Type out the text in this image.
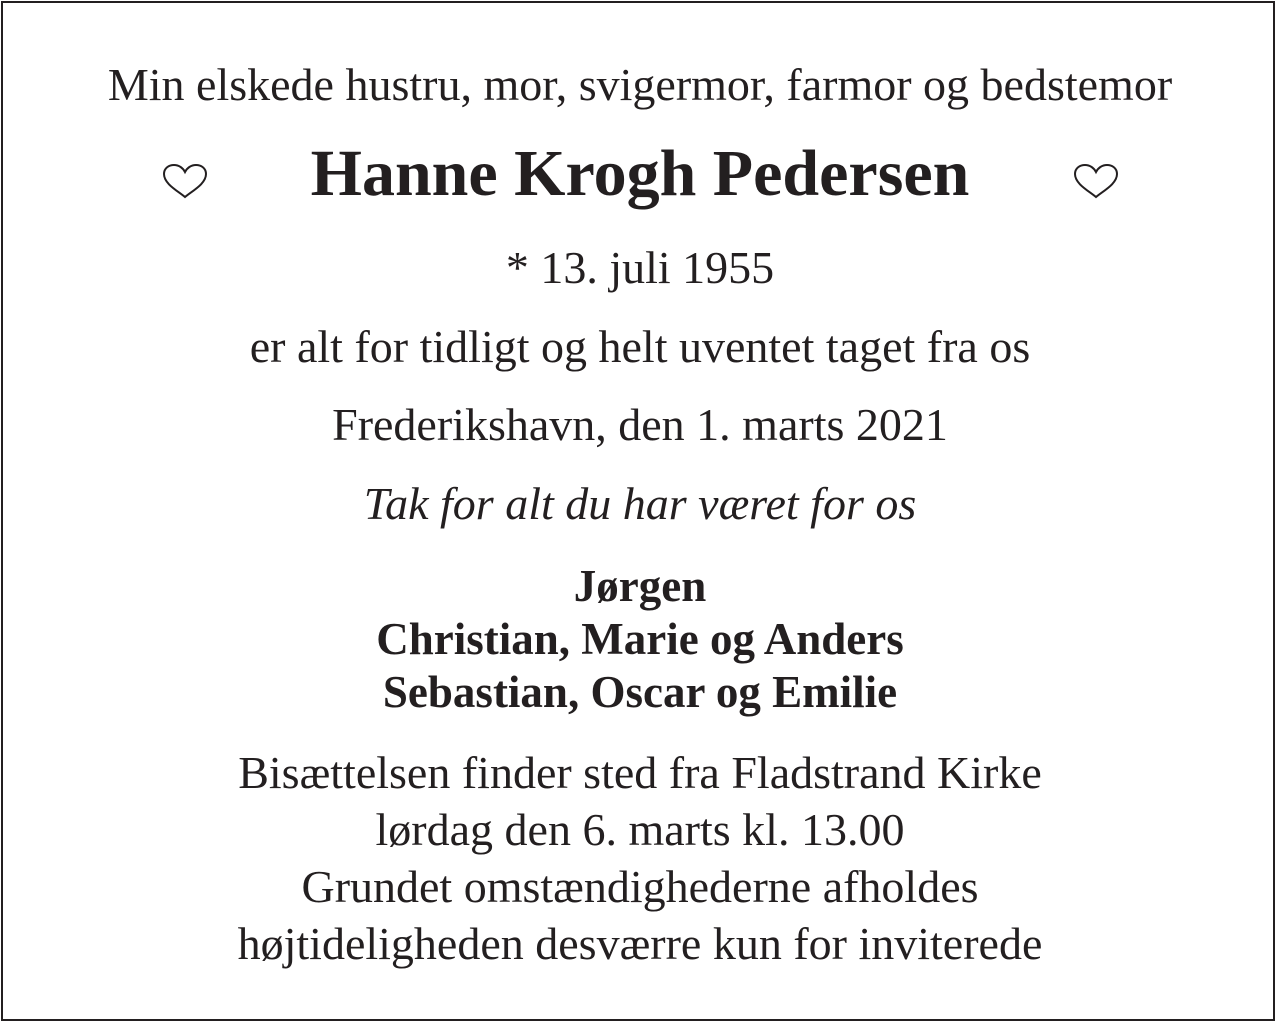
Min elskede hustru, mor, svigermor, farmor og bedstemor
Hanne Krogh Pedersen
* 13. juli 1955
er alt for tidligt og helt uventet taget fra os
Frederikshavn, den 1. marts 2021
Tak for alt du har været for os
Jørgen
Christian, Marie og Anders
Sebastian, Oscar og Emilie
Bisættelsen finder sted fra Fladstrand Kirke
lørdag den 6. marts kl. 13.00
Grundet omstændighederne afholdes
højtideligheden desværre kun for inviterede
